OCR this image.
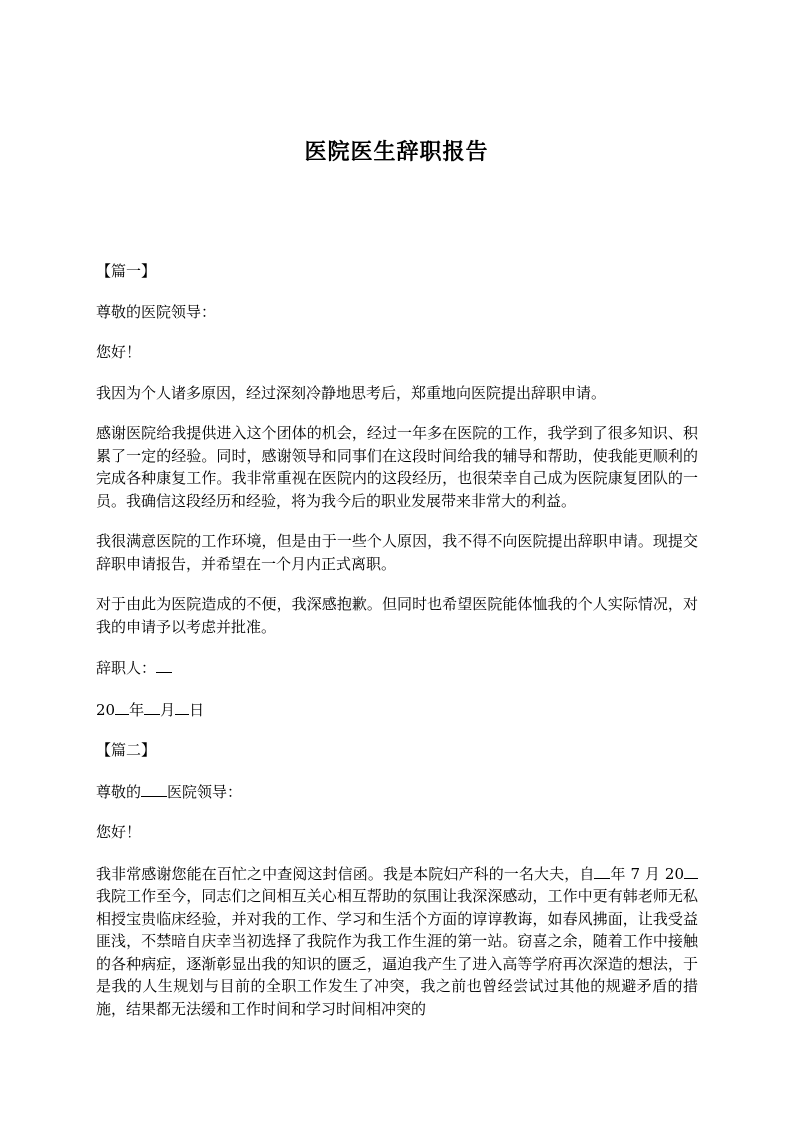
医院医生辞职报告

【篇一】

尊敬的医院领导：

您好！

我因为个人诸多原因，经过深刻冷静地思考后，郑重地向医院提出辞职申请。

感谢医院给我提供进入这个团体的机会，经过一年多在医院的工作，我学到了很多知识、积累了一定的经验。同时，感谢领导和同事们在这段时间给我的辅导和帮助，使我能更顺利的完成各种康复工作。我非常重视在医院内的这段经历，也很荣幸自己成为医院康复团队的一员。我确信这段经历和经验，将为我今后的职业发展带来非常大的利益。

我很满意医院的工作环境，但是由于一些个人原因，我不得不向医院提出辞职申请。现提交辞职申请报告，并希望在一个月内正式离职。

对于由此为医院造成的不便，我深感抱歉。但同时也希望医院能体恤我的个人实际情况，对我的申请予以考虑并批准。

辞职人：

20 年 月 日

【篇二】

尊敬的 医院领导：

您好！

我非常感谢您能在百忙之中查阅这封信函。我是本院妇产科的一名大夫，自 年 7 月 20我院工作至今，同志们之间相互关心相互帮助的氛围让我深深感动，工作中更有韩老师无私相授宝贵临床经验，并对我的工作、学习和生活个方面的谆谆教诲，如春风拂面，让我受益匪浅，不禁暗自庆幸当初选择了我院作为我工作生涯的第一站。窃喜之余，随着工作中接触的各种病症，逐渐彰显出我的知识的匮乏，逼迫我产生了进入高等学府再次深造的想法，于是我的人生规划与目前的全职工作发生了冲突，我之前也曾经尝试过其他的规避矛盾的措施，结果都无法缓和工作时间和学习时间相冲突的
